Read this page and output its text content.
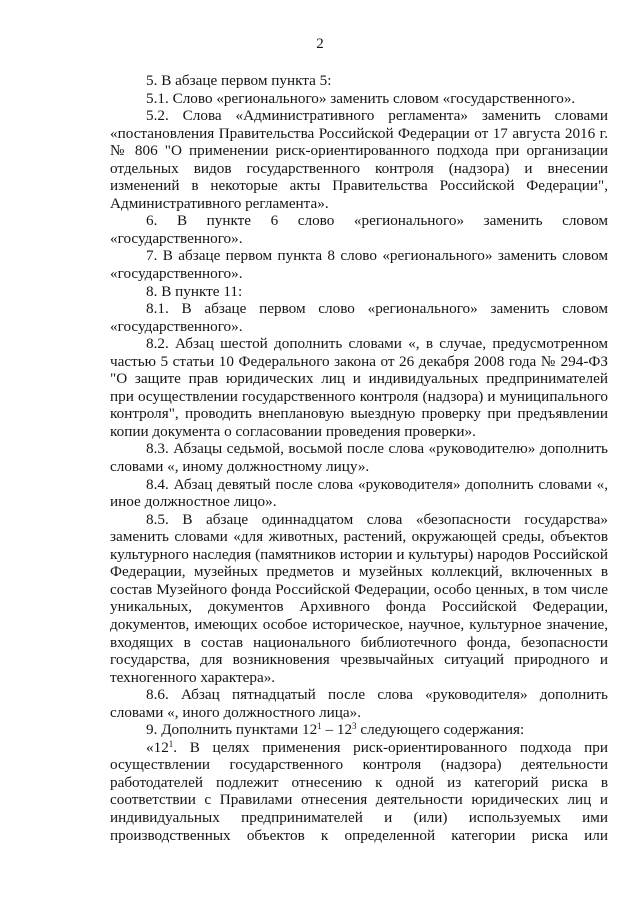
2

5. В абзаце первом пункта 5:

5.1. Слово «регионального» заменить словом «государственного».

5.2. Слова «Административного регламента» заменить словами «постановления Правительства Российской Федерации от 17 августа 2016 г. № 806 "О применении риск-ориентированного подхода при организации отдельных видов государственного контроля (надзора) и внесении изменений в некоторые акты Правительства Российской Федерации", Административного регламента».

6. В пункте 6 слово «регионального» заменить словом «государственного».

7. В абзаце первом пункта 8 слово «регионального» заменить словом «государственного».

8. В пункте 11:

8.1. В абзаце первом слово «регионального» заменить словом «государственного».

8.2. Абзац шестой дополнить словами «, в случае, предусмотренном частью 5 статьи 10 Федерального закона от 26 декабря 2008 года № 294-ФЗ "О защите прав юридических лиц и индивидуальных предпринимателей при осуществлении государственного контроля (надзора) и муниципального контроля", проводить внеплановую выездную проверку при предъявлении копии документа о согласовании проведения проверки».

8.3. Абзацы седьмой, восьмой после слова «руководителю» дополнить словами «, иному должностному лицу».

8.4. Абзац девятый после слова «руководителя» дополнить словами «, иное должностное лицо».

8.5. В абзаце одиннадцатом слова «безопасности государства» заменить словами «для животных, растений, окружающей среды, объектов культурного наследия (памятников истории и культуры) народов Российской Федерации, музейных предметов и музейных коллекций, включенных в состав Музейного фонда Российской Федерации, особо ценных, в том числе уникальных, документов Архивного фонда Российской Федерации, документов, имеющих особое историческое, научное, культурное значение, входящих в состав национального библиотечного фонда, безопасности государства, для возникновения чрезвычайных ситуаций природного и техногенного характера».

8.6. Абзац пятнадцатый после слова «руководителя» дополнить словами «, иного должностного лица».

9. Дополнить пунктами $12^1 - 12^3$ следующего содержания:

«$12^1$. В целях применения риск-ориентированного подхода при осуществлении государственного контроля (надзора) деятельности работодателей подлежит отнесению к одной из категорий риска в соответствии с Правилами отнесения деятельности юридических лиц и индивидуальных предпринимателей и (или) используемых ими производственных объектов к определенной категории риска или
